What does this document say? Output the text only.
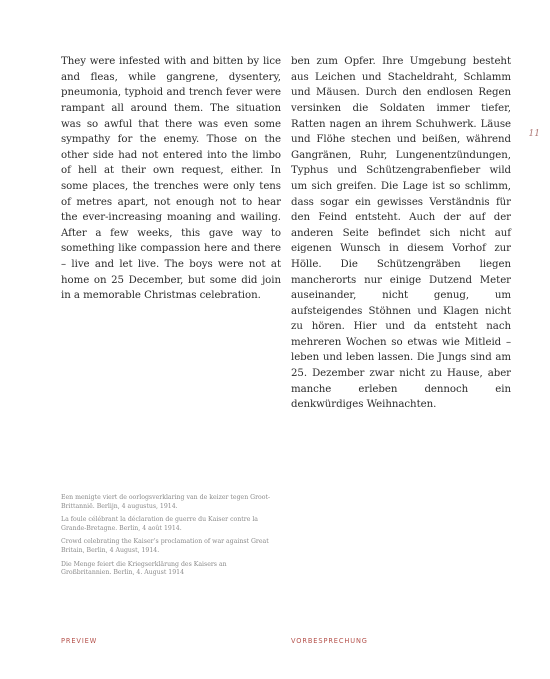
They were infested with and bitten by lice and fleas, while gangrene, dysentery, pneumonia, typhoid and trench fever were rampant all around them. The situation was so awful that there was even some sympathy for the enemy. Those on the other side had not entered into the limbo of hell at their own request, either. In some places, the trenches were only tens of metres apart, not enough not to hear the ever-increasing moaning and wailing. After a few weeks, this gave way to something like compassion here and there – live and let live. The boys were not at home on 25 December, but some did join in a memorable Christmas celebration.

ben zum Opfer. Ihre Umgebung besteht aus Leichen und Stacheldraht, Schlamm und Mäusen. Durch den endlosen Regen versinken die Soldaten immer tiefer, Ratten nagen an ihrem Schuhwerk. Läuse und Flöhe stechen und beißen, während Gangränen, Ruhr, Lungenentzündungen, Typhus und Schützengrabenfieber wild um sich greifen. Die Lage ist so schlimm, dass sogar ein gewisses Verständnis für den Feind entsteht. Auch der auf der anderen Seite befindet sich nicht auf eigenen Wunsch in diesem Vorhof zur Hölle. Die Schützengräben liegen mancherorts nur einige Dutzend Meter auseinander, nicht genug, um aufsteigendes Stöhnen und Klagen nicht zu hören. Hier und da entsteht nach mehreren Wochen so etwas wie Mitleid – leben und leben lassen. Die Jungs sind am 25. Dezember zwar nicht zu Hause, aber manche erleben dennoch ein denkwürdiges Weihnachten.

11

Een menigte viert de oorlogsverklaring van de keizer tegen Groot-Brittannië. Berlijn, 4 augustus, 1914.

La foule célébrant la déclaration de guerre du Kaiser contre la Grande-Bretagne. Berlin, 4 août 1914.

Crowd celebrating the Kaiser’s proclamation of war against Great Britain, Berlin, 4 August, 1914.

Die Menge feiert die Kriegserklärung des Kaisers an Großbritannien. Berlin, 4. August 1914

PREVIEW	VORBESPRECHUNG
